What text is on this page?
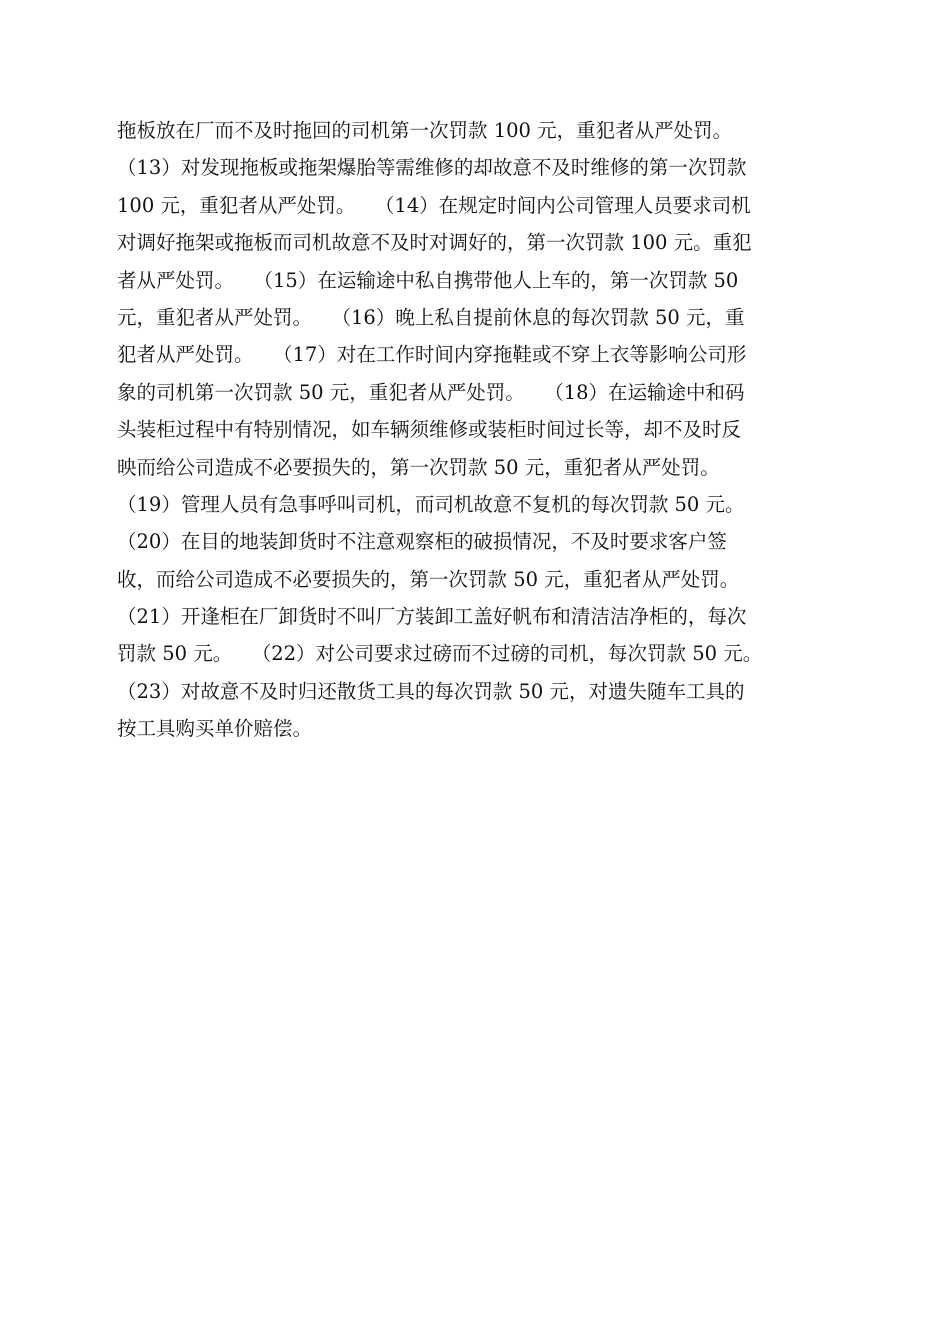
拖板放在厂而不及时拖回的司机第一次罚款 100 元，重犯者从严处罚。
（13）对发现拖板或拖架爆胎等需维修的却故意不及时维修的第一次罚款
100 元，重犯者从严处罚。　　（14）在规定时间内公司管理人员要求司机
对调好拖架或拖板而司机故意不及时对调好的，第一次罚款 100 元。重犯
者从严处罚。　　（15）在运输途中私自携带他人上车的，第一次罚款 50
元，重犯者从严处罚。　　（16）晚上私自提前休息的每次罚款 50 元，重
犯者从严处罚。　　（17）对在工作时间内穿拖鞋或不穿上衣等影响公司形
象的司机第一次罚款 50 元，重犯者从严处罚。　　（18）在运输途中和码
头装柜过程中有特别情况，如车辆须维修或装柜时间过长等，却不及时反
映而给公司造成不必要损失的，第一次罚款 50 元，重犯者从严处罚。
（19）管理人员有急事呼叫司机，而司机故意不复机的每次罚款 50 元。
（20）在目的地装卸货时不注意观察柜的破损情况，不及时要求客户签
收，而给公司造成不必要损失的，第一次罚款 50 元，重犯者从严处罚。
（21）开逢柜在厂卸货时不叫厂方装卸工盖好帆布和清洁洁净柜的，每次
罚款 50 元。　　（22）对公司要求过磅而不过磅的司机，每次罚款 50 元。
（23）对故意不及时归还散货工具的每次罚款 50 元，对遗失随车工具的
按工具购买单价赔偿。
